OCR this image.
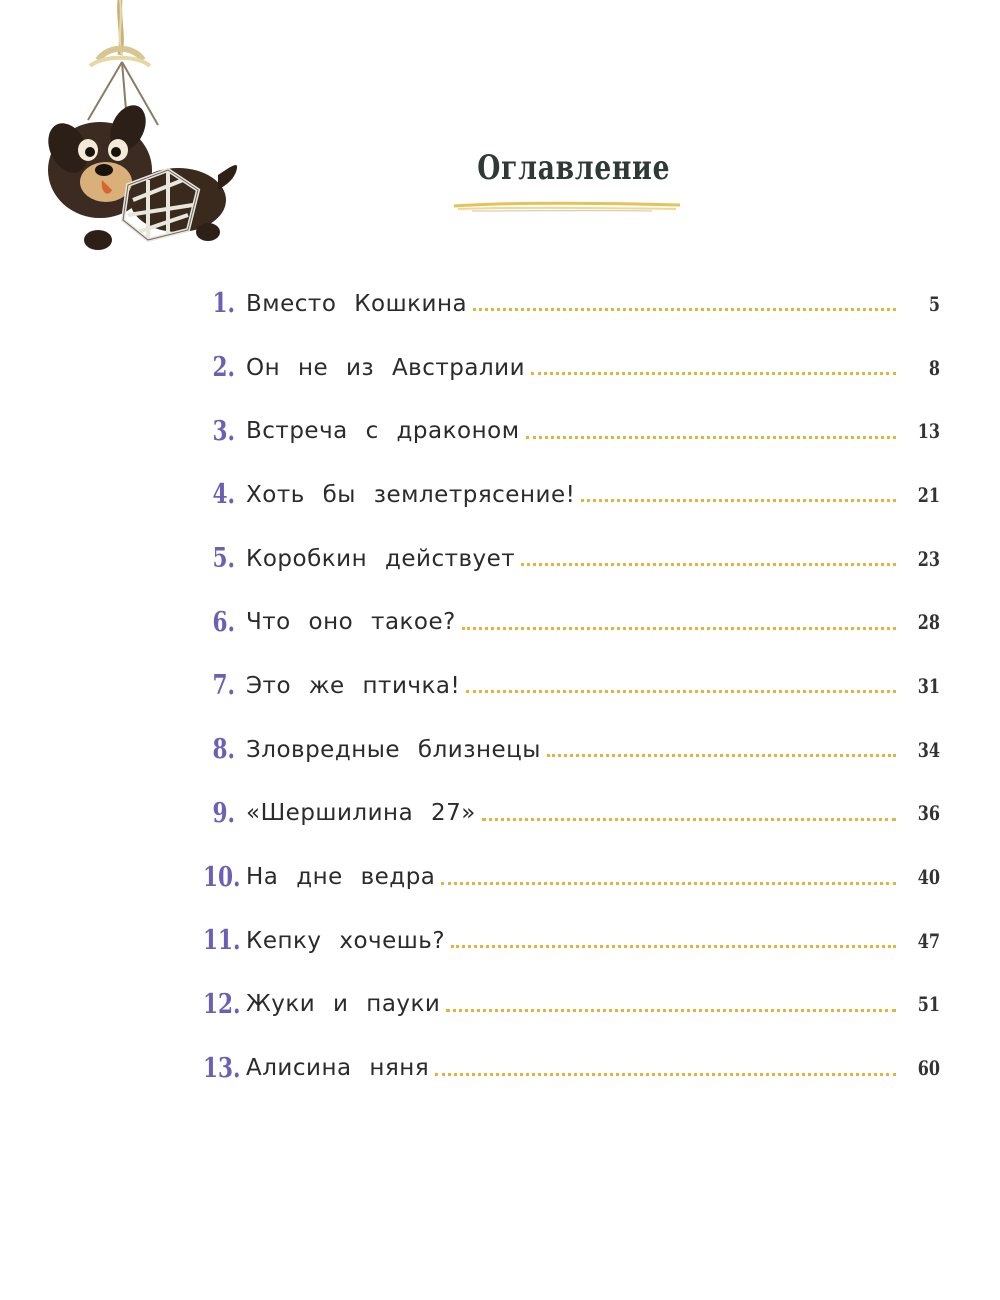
Оглавление
1. Вместо Кошкина	5
2. Он не из Австралии	8
3. Встреча с драконом	13
4. Хоть бы землетрясение!	21
5. Коробкин действует	23
6. Что оно такое?	28
7. Это же птичка!	31
8. Зловредные близнецы	34
9. «Шершилина 27»	36
10. На дне ведра	40
11. Кепку хочешь?	47
12. Жуки и пауки	51
13. Алисина няня	60
